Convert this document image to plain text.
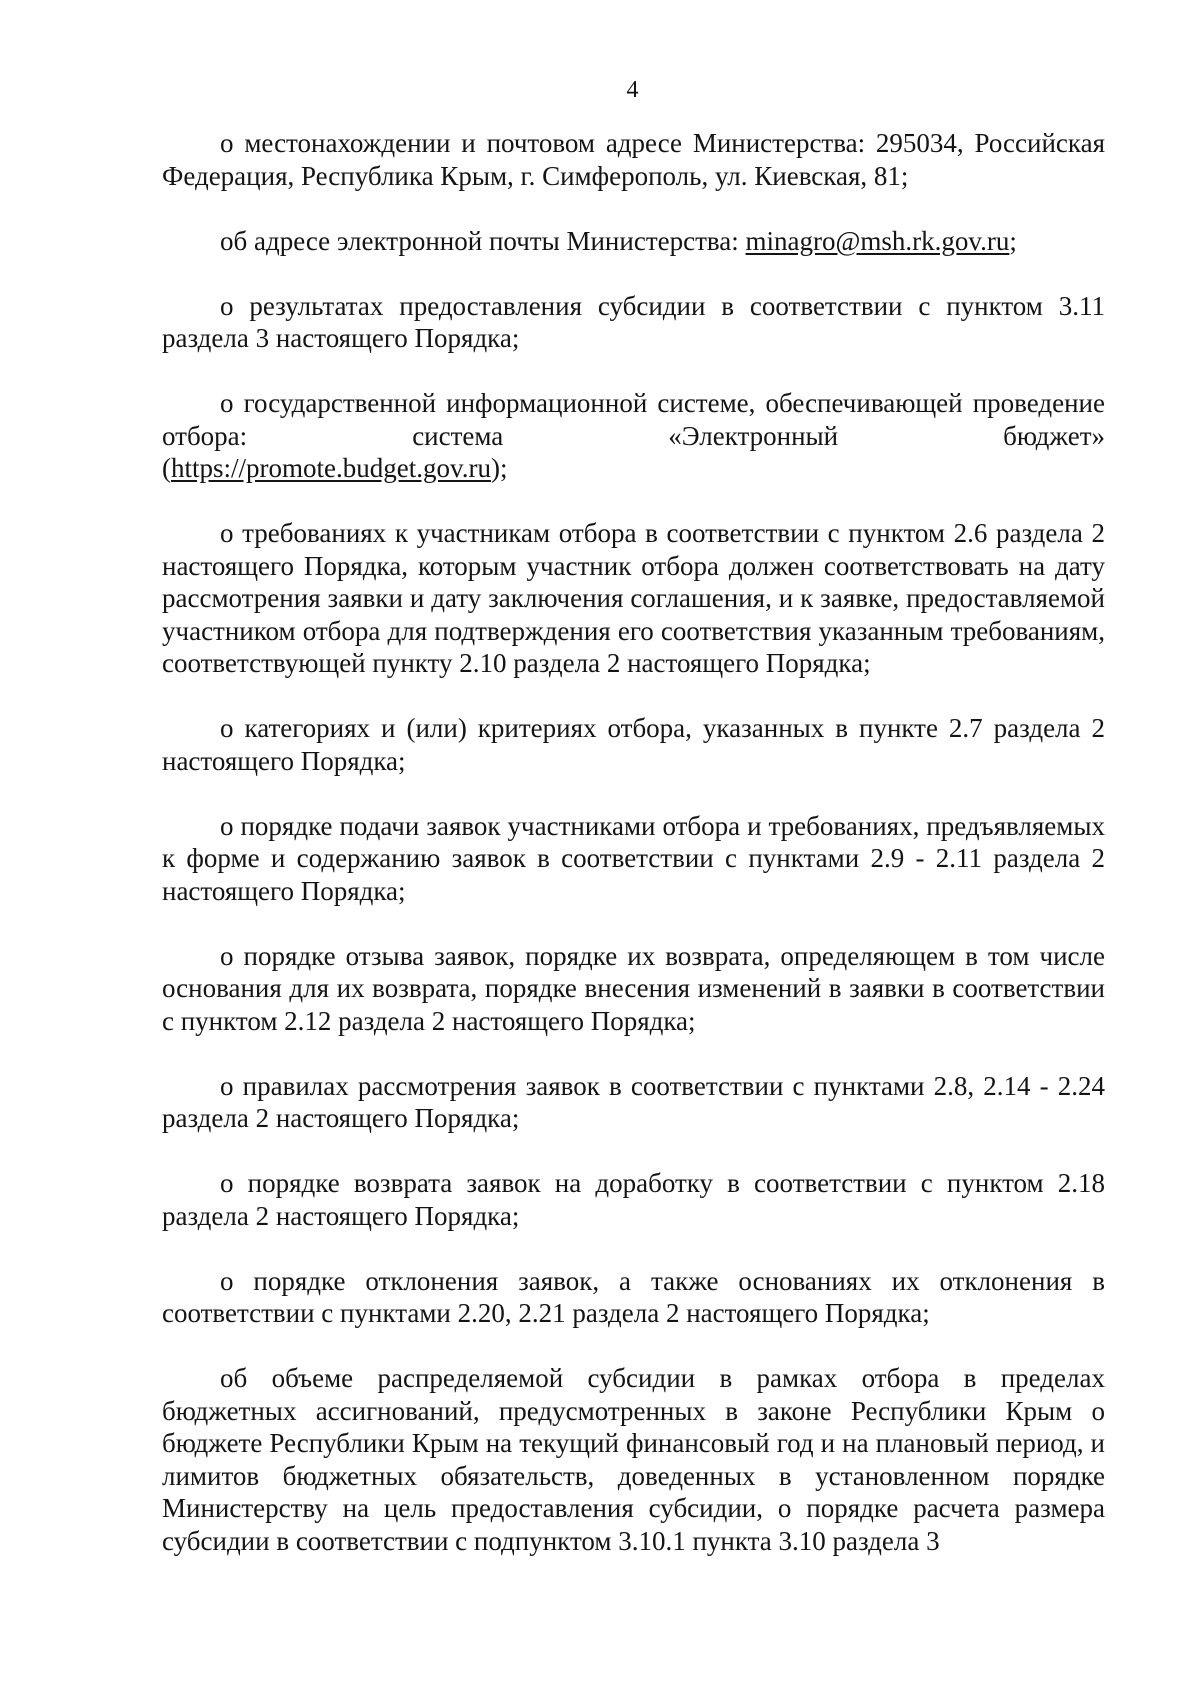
4

о местонахождении и почтовом адресе Министерства: 295034, Российская Федерация, Республика Крым, г. Симферополь, ул. Киевская, 81;

об адресе электронной почты Министерства: minagro@msh.rk.gov.ru;

о результатах предоставления субсидии в соответствии с пунктом 3.11 раздела 3 настоящего Порядка;

о государственной информационной системе, обеспечивающей проведение отбора: система «Электронный бюджет»
(https://promote.budget.gov.ru);

о требованиях к участникам отбора в соответствии с пунктом 2.6 раздела 2 настоящего Порядка, которым участник отбора должен соответствовать на дату рассмотрения заявки и дату заключения соглашения, и к заявке, предоставляемой участником отбора для подтверждения его соответствия указанным требованиям, соответствующей пункту 2.10 раздела 2 настоящего Порядка;

о категориях и (или) критериях отбора, указанных в пункте 2.7 раздела 2 настоящего Порядка;

о порядке подачи заявок участниками отбора и требованиях, предъявляемых к форме и содержанию заявок в соответствии с пунктами 2.9 - 2.11 раздела 2 настоящего Порядка;

о порядке отзыва заявок, порядке их возврата, определяющем в том числе основания для их возврата, порядке внесения изменений в заявки в соответствии с пунктом 2.12 раздела 2 настоящего Порядка;

о правилах рассмотрения заявок в соответствии с пунктами 2.8, 2.14 - 2.24 раздела 2 настоящего Порядка;

о порядке возврата заявок на доработку в соответствии с пунктом 2.18 раздела 2 настоящего Порядка;

о порядке отклонения заявок, а также основаниях их отклонения в соответствии с пунктами 2.20, 2.21 раздела 2 настоящего Порядка;

об объеме распределяемой субсидии в рамках отбора в пределах бюджетных ассигнований, предусмотренных в законе Республики Крым о бюджете Республики Крым на текущий финансовый год и на плановый период, и лимитов бюджетных обязательств, доведенных в установленном порядке Министерству на цель предоставления субсидии, о порядке расчета размера субсидии в соответствии с подпунктом 3.10.1 пункта 3.10 раздела 3
